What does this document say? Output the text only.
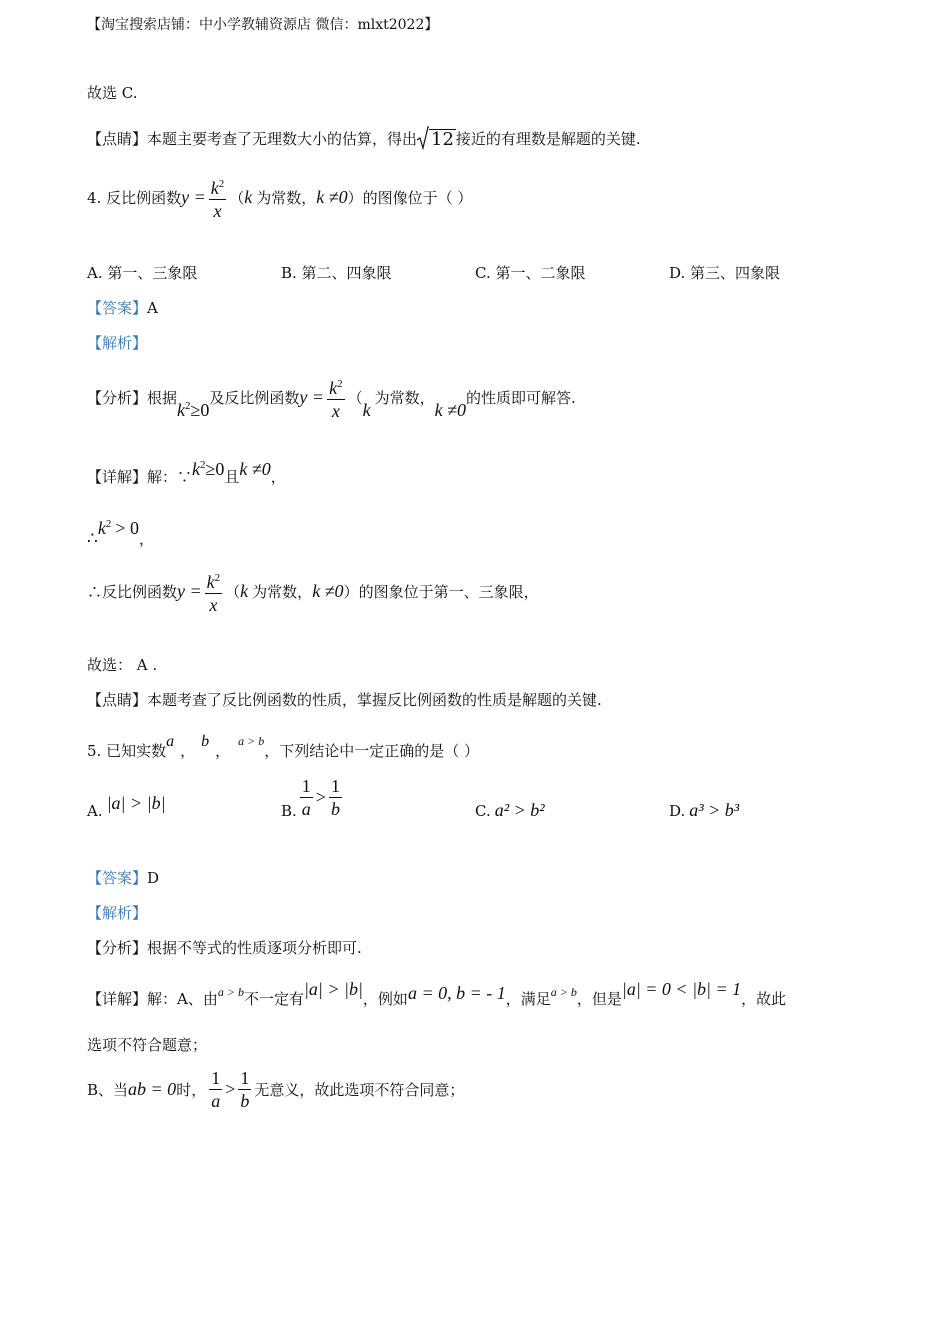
【淘宝搜索店铺：中小学教辅资源店 微信：mlxt2022】
故选 C.
【点睛】本题主要考查了无理数大小的估算，得出 12 接近的有理数是解题的关键.
4. 反比例函数 $y = \frac{k^2}{x}$ （ k 为常数， k ≠0 ）的图像位于（ ）
A. 第一、三象限	B. 第二、四象限	C. 第一、二象限	D. 第三、四象限
【答案】 A
【解析】
【分析】根据
$k^2 \ge 0$
及反比例函数 $y = \frac{k^2}{x}$ （
k
为常数，
k ≠0
的性质即可解答.
【详解】解：∵ $k^2 \ge 0$ 且 k ≠0 ，
∴
$k^2 > 0$
，
∴反比例函数 $y = \frac{k^2}{x}$ （ k 为常数， k ≠0 ）的图象位于第一、三象限，
故选： A .
【点睛】本题考查了反比例函数的性质，掌握反比例函数的性质是解题的关键.
5. 已知实数
a
，
b
，
a > b
，下列结论中一定正确的是（ ）
A. |a| > |b|	B. $\frac{1}{a} > \frac{1}{b}$	C. a² > b²	D. a³ > b³
【答案】 D
【解析】
【分析】根据不等式的性质逐项分析即可.
【详解】解：A、由 a > b 不一定有 |a| > |b| ，例如 a = 0, b = - 1 ，满足 a > b ，但是 |a| = 0 < |b| = 1 ，故此
选项不符合题意；
B、当 ab = 0 时， $\frac{1}{a} > \frac{1}{b}$ 无意义，故此选项不符合同意；
